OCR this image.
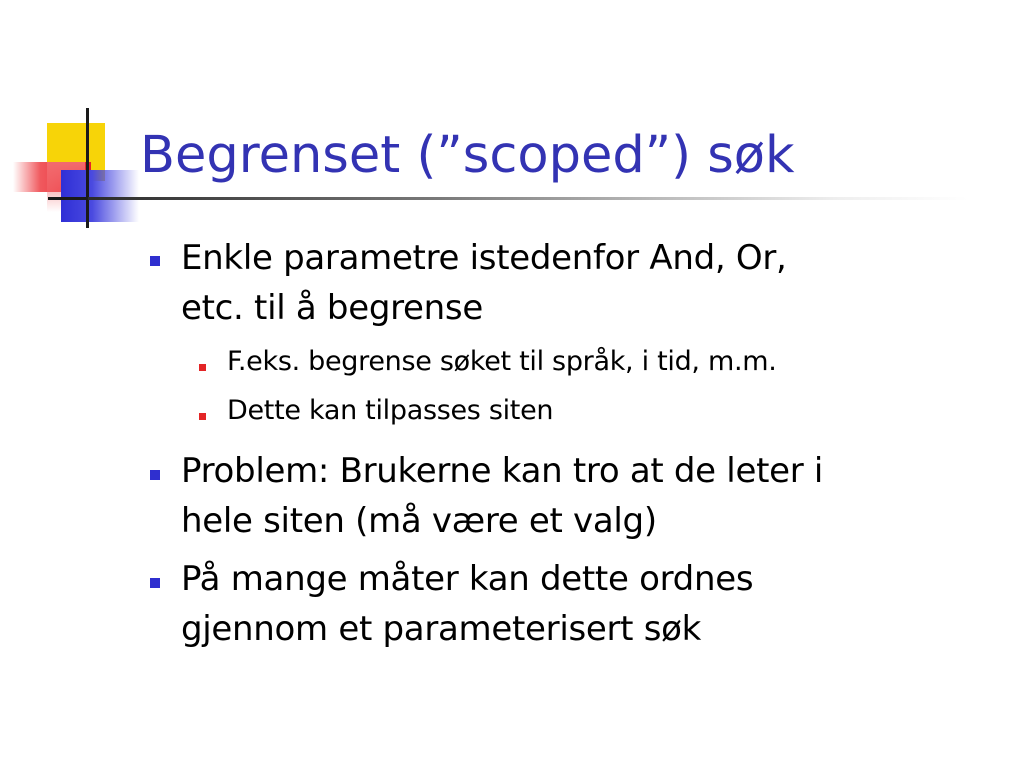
Begrenset (”scoped”) søk
Enkle parametre istedenfor And, Or,
etc. til å begrense
F.eks. begrense søket til språk, i tid, m.m.
Dette kan tilpasses siten
Problem: Brukerne kan tro at de leter i
hele siten (må være et valg)
På mange måter kan dette ordnes
gjennom et parameterisert søk
